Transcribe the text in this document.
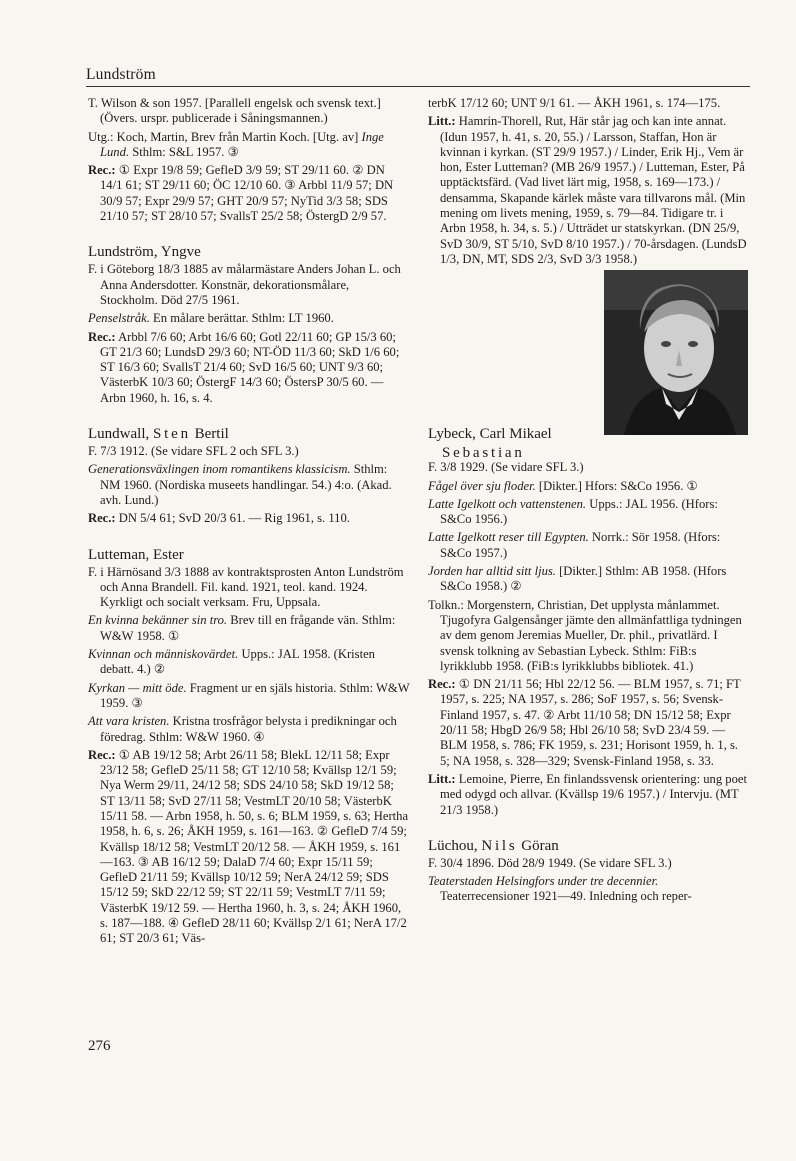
Lundström

T. Wilson & son 1957. [Parallell engelsk och svensk text.] (Övers. urspr. publicerade i Såningsmannen.)

Utg.: Koch, Martin, Brev från Martin Koch. [Utg. av] Inge Lund. Sthlm: S&L 1957. ③

Rec.: ① Expr 19/8 59; GefleD 3/9 59; ST 29/11 60. ② DN 14/1 61; ST 29/11 60; ÖC 12/10 60. ③ Arbbl 11/9 57; DN 30/9 57; Expr 29/9 57; GHT 20/9 57; NyTid 3/3 58; SDS 21/10 57; ST 28/10 57; SvallsT 25/2 58; ÖstergD 2/9 57.

Lundström, Yngve

F. i Göteborg 18/3 1885 av målarmästare Anders Johan L. och Anna Andersdotter. Konstnär, dekorationsmålare, Stockholm. Död 27/5 1961.

Penselstråk. En målare berättar. Sthlm: LT 1960.

Rec.: Arbbl 7/6 60; Arbt 16/6 60; Gotl 22/11 60; GP 15/3 60; GT 21/3 60; LundsD 29/3 60; NT-ÖD 11/3 60; SkD 1/6 60; ST 16/3 60; SvallsT 21/4 60; SvD 16/5 60; UNT 9/3 60; VästerbK 10/3 60; ÖstergF 14/3 60; ÖstersP 30/5 60. — Arbn 1960, h. 16, s. 4.

Lundwall, Sten Bertil

F. 7/3 1912. (Se vidare SFL 2 och SFL 3.)

Generationsväxlingen inom romantikens klassicism. Sthlm: NM 1960. (Nordiska museets handlingar. 54.) 4:o. (Akad. avh. Lund.)

Rec.: DN 5/4 61; SvD 20/3 61. — Rig 1961, s. 110.

Lutteman, Ester

F. i Härnösand 3/3 1888 av kontraktsprosten Anton Lundström och Anna Brandell. Fil. kand. 1921, teol. kand. 1924. Kyrkligt och socialt verksam. Fru, Uppsala.

En kvinna bekänner sin tro. Brev till en frågande vän. Sthlm: W&W 1958. ①

Kvinnan och människovärdet. Upps.: JAL 1958. (Kristen debatt. 4.) ②

Kyrkan — mitt öde. Fragment ur en själs historia. Sthlm: W&W 1959. ③

Att vara kristen. Kristna trosfrågor belysta i predikningar och föredrag. Sthlm: W&W 1960. ④

Rec.: ① AB 19/12 58; Arbt 26/11 58; BlekL 12/11 58; Expr 23/12 58; GefleD 25/11 58; GT 12/10 58; Kvällsp 12/1 59; Nya Werm 29/11, 24/12 58; SDS 24/10 58; SkD 19/12 58; ST 13/11 58; SvD 27/11 58; VestmLT 20/10 58; VästerbK 15/11 58. — Arbn 1958, h. 50, s. 6; BLM 1959, s. 63; Hertha 1958, h. 6, s. 26; ÅKH 1959, s. 161—163. ② GefleD 7/4 59; Kvällsp 18/12 58; VestmLT 20/12 58. — ÅKH 1959, s. 161—163. ③ AB 16/12 59; DalaD 7/4 60; Expr 15/11 59; GefleD 21/11 59; Kvällsp 10/12 59; NerA 24/12 59; SDS 15/12 59; SkD 22/12 59; ST 22/11 59; VestmLT 7/11 59; VästerbK 19/12 59. — Hertha 1960, h. 3, s. 24; ÅKH 1960, s. 187—188. ④ GefleD 28/11 60; Kvällsp 2/1 61; NerA 17/2 61; ST 20/3 61; Väs-

terbK 17/12 60; UNT 9/1 61. — ÅKH 1961, s. 174—175.

Litt.: Hamrin-Thorell, Rut, Här står jag och kan inte annat. (Idun 1957, h. 41, s. 20, 55.) / Larsson, Staffan, Hon är kvinnan i kyrkan. (ST 29/9 1957.) / Linder, Erik Hj., Vem är hon, Ester Lutteman? (MB 26/9 1957.) / Lutteman, Ester, På upptäcktsfärd. (Vad livet lärt mig, 1958, s. 169—173.) / densamma, Skapande kärlek måste vara tillvarons mål. (Min mening om livets mening, 1959, s. 79—84. Tidigare tr. i Arbn 1958, h. 34, s. 5.) / Utträdet ur statskyrkan. (DN 25/9, SvD 30/9, ST 5/10, SvD 8/10 1957.) / 70-årsdagen. (LundsD 1/3, DN, MT, SDS 2/3, SvD 3/3 1958.)

Lybeck, Carl Mikael
Sebastian

F. 3/8 1929. (Se vidare SFL 3.)

Fågel över sju floder. [Dikter.] Hfors: S&Co 1956. ①

Latte Igelkott och vattenstenen. Upps.: JAL 1956. (Hfors: S&Co 1956.)

Latte Igelkott reser till Egypten. Norrk.: Sör 1958. (Hfors: S&Co 1957.)

Jorden har alltid sitt ljus. [Dikter.] Sthlm: AB 1958. (Hfors S&Co 1958.) ②

Tolkn.: Morgenstern, Christian, Det upplysta månlammet. Tjugofyra Galgensånger jämte den allmänfattliga tydningen av dem genom Jeremias Mueller, Dr. phil., privatlärd. I svensk tolkning av Sebastian Lybeck. Sthlm: FiB:s lyrikklubb 1958. (FiB:s lyrikklubbs bibliotek. 41.)

Rec.: ① DN 21/11 56; Hbl 22/12 56. — BLM 1957, s. 71; FT 1957, s. 225; NA 1957, s. 286; SoF 1957, s. 56; Svensk-Finland 1957, s. 47. ② Arbt 11/10 58; DN 15/12 58; Expr 20/11 58; HbgD 26/9 58; Hbl 26/10 58; SvD 23/4 59. — BLM 1958, s. 786; FK 1959, s. 231; Horisont 1959, h. 1, s. 5; NA 1958, s. 328—329; Svensk-Finland 1958, s. 33.

Litt.: Lemoine, Pierre, En finlandssvensk orientering: ung poet med odygd och allvar. (Kvällsp 19/6 1957.) / Intervju. (MT 21/3 1958.)

Lüchou, Nils Göran

F. 30/4 1896. Död 28/9 1949. (Se vidare SFL 3.)

Teaterstaden Helsingfors under tre decennier. Teaterrecensioner 1921—49. Inledning och reper-

276
